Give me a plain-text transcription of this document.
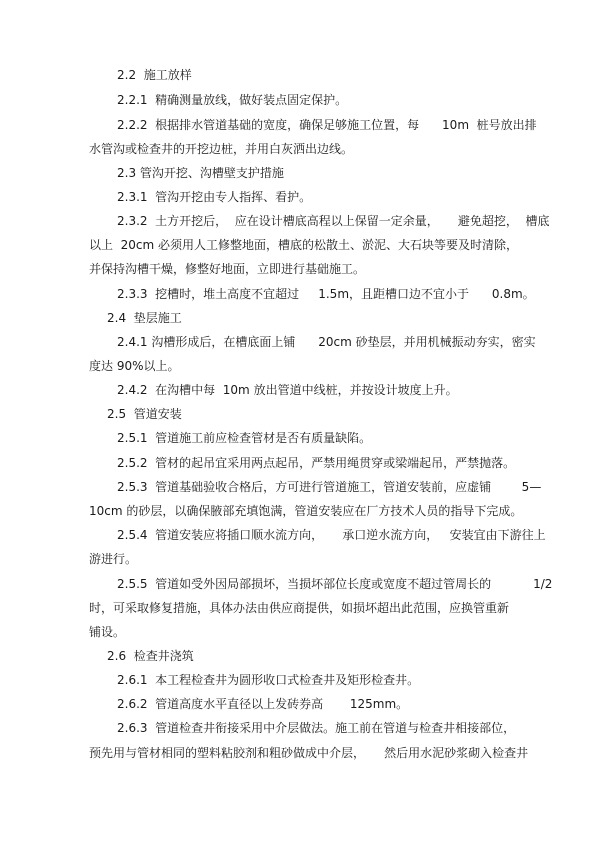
2.2  施工放样
2.2.1  精确测量放线，做好装点固定保护。
2.2.2  根据排水管道基础的宽度，确保足够施工位置，每      10m  桩号放出排
水管沟或检查井的开挖边桩，并用白灰洒出边线。
2.3 管沟开挖、沟槽壁支护措施
2.3.1  管沟开挖由专人指挥、看护。
2.3.2  土方开挖后，  应在设计槽底高程以上保留一定余量，     避免超挖，  槽底
以上  20cm 必须用人工修整地面，槽底的松散土、淤泥、大石块等要及时清除，
并保持沟槽干燥，修整好地面，立即进行基础施工。
2.3.3  挖槽时，堆土高度不宜超过     1.5m，且距槽口边不宜小于      0.8m。
2.4  垫层施工
2.4.1 沟槽形成后，在槽底面上铺      20cm 砂垫层，并用机械振动夯实，密实
度达 90%以上。
2.4.2  在沟槽中每  10m 放出管道中线桩，并按设计坡度上升。
2.5  管道安装
2.5.1  管道施工前应检查管材是否有质量缺陷。
2.5.2  管材的起吊宜采用两点起吊，严禁用绳贯穿或梁端起吊，严禁抛落。
2.5.3  管道基础验收合格后，方可进行管道施工，管道安装前，应虚铺        5—
10cm 的砂层，以确保腋部充填饱满，管道安装应在厂方技术人员的指导下完成。
2.5.4  管道安装应将插口顺水流方向，     承口逆水流方向，   安装宜由下游往上
游进行。
2.5.5  管道如受外因局部损坏，当损坏部位长度或宽度不超过管周长的           1/2
时，可采取修复措施，具体办法由供应商提供，如损坏超出此范围，应换管重新
铺设。
2.6  检查井浇筑
2.6.1  本工程检查井为圆形收口式检查井及矩形检查井。
2.6.2  管道高度水平直径以上发砖券高       125mm。
2.6.3  管道检查井衔接采用中介层做法。施工前在管道与检查井相接部位，
预先用与管材相同的塑料粘胶剂和粗砂做成中介层，     然后用水泥砂浆砌入检查井
